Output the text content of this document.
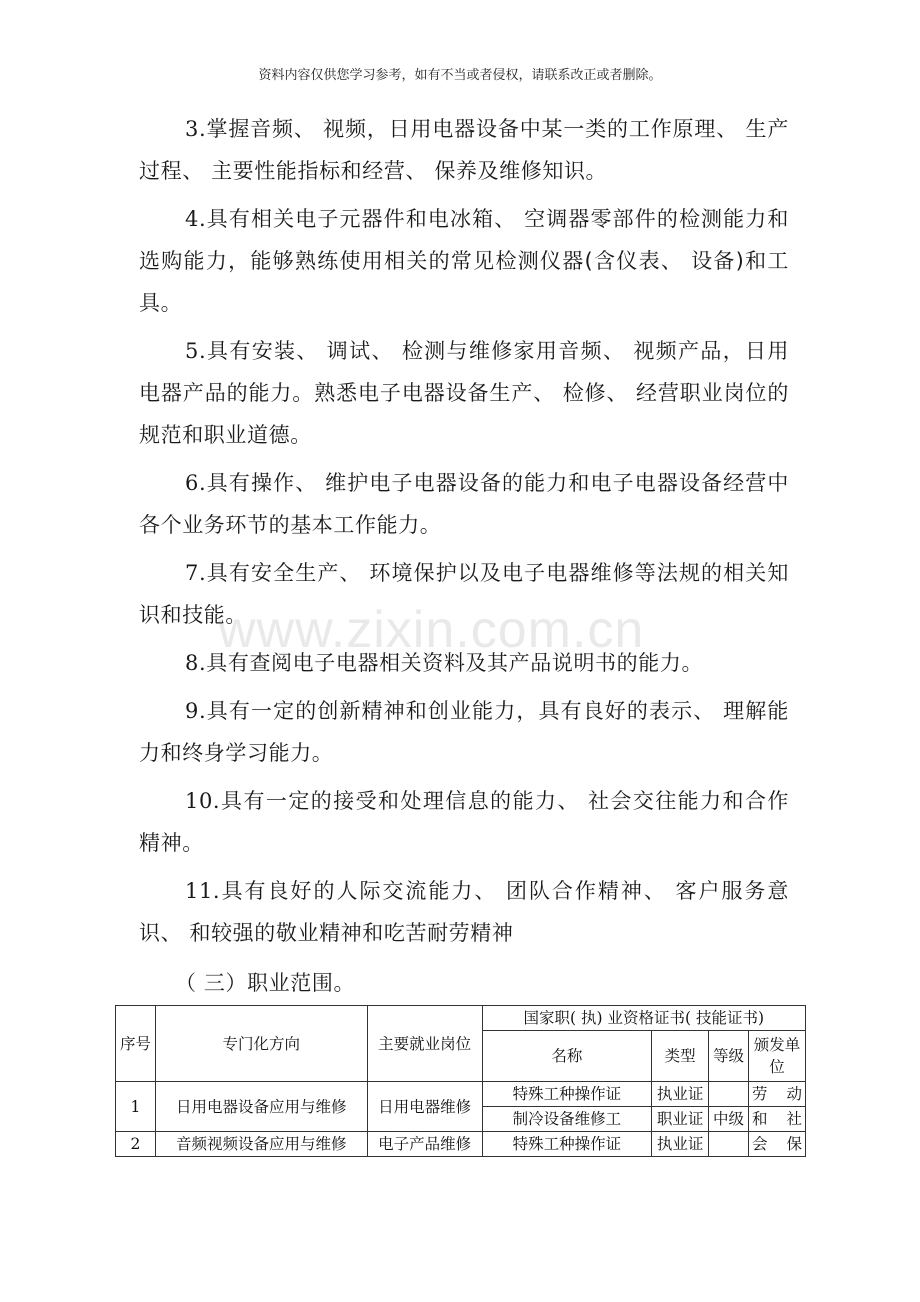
资料内容仅供您学习参考，如有不当或者侵权，请联系改正或者删除。

3.掌握音频、 视频，日用电器设备中某一类的工作原理、 生产过程、 主要性能指标和经营、 保养及维修知识。

4.具有相关电子元器件和电冰箱、 空调器零部件的检测能力和选购能力，能够熟练使用相关的常见检测仪器(含仪表、 设备)和工具。

5.具有安装、 调试、 检测与维修家用音频、 视频产品，日用电器产品的能力。熟悉电子电器设备生产、 检修、 经营职业岗位的规范和职业道德。

6.具有操作、 维护电子电器设备的能力和电子电器设备经营中各个业务环节的基本工作能力。

7.具有安全生产、 环境保护以及电子电器维修等法规的相关知识和技能。

8.具有查阅电子电器相关资料及其产品说明书的能力。

9.具有一定的创新精神和创业能力，具有良好的表示、 理解能力和终身学习能力。

10.具有一定的接受和处理信息的能力、 社会交往能力和合作精神。

11.具有良好的人际交流能力、 团队合作精神、 客户服务意识、 和较强的敬业精神和吃苦耐劳精神

www.zixin.com.cn
（ 三）职业范围。
序号	专门化方向	主要就业岗位	国家职( 执) 业资格证书( 技能证书)			
			名称	类型	等级	颁发单位
1	日用电器设备应用与维修	日用电器维修	特殊工种操作证	执业证		劳 动
			制冷设备维修工	职业证	中级	和 社
2	音频视频设备应用与维修	电子产品维修	特殊工种操作证	执业证		会 保
